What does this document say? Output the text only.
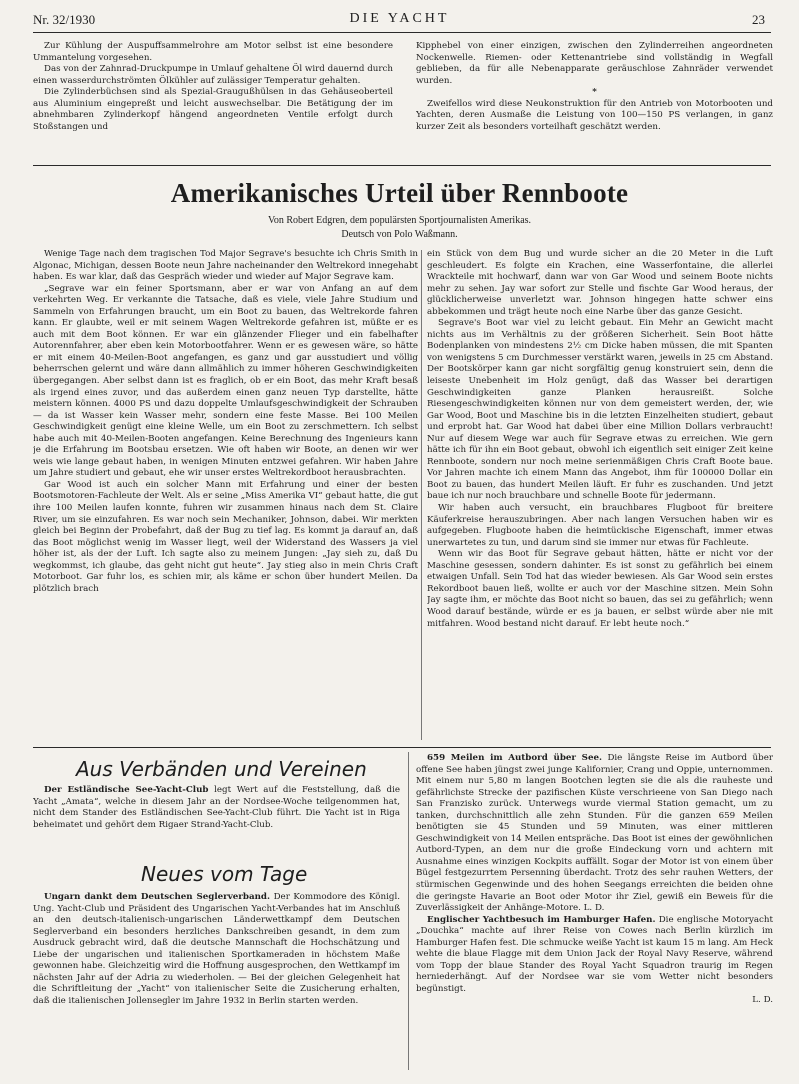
Nr. 32/1930	DIE YACHT	23

Zur Kühlung der Auspuffsammelrohre am Motor selbst ist eine besondere Ummantelung vorgesehen.

Das von der Zahnrad-Druckpumpe in Umlauf gehaltene Öl wird dauernd durch einen wasserdurchströmten Ölkühler auf zulässiger Temperatur gehalten.

Die Zylinderbüchsen sind als Spezial-Graugußhülsen in das Gehäuseoberteil aus Aluminium eingepreßt und leicht auswechselbar. Die Betätigung der im abnehmbaren Zylinderkopf hängend angeordneten Ventile erfolgt durch Stoßstangen und

Kipphebel von einer einzigen, zwischen den Zylinderreihen angeordneten Nockenwelle. Riemen- oder Kettenantriebe sind vollständig in Wegfall geblieben, da für alle Nebenapparate geräuschlose Zahnräder verwendet wurden.

*

Zweifellos wird diese Neukonstruktion für den Antrieb von Motorbooten und Yachten, deren Ausmaße die Leistung von 100—150 PS verlangen, in ganz kurzer Zeit als besonders vorteilhaft geschätzt werden.

Amerikanisches Urteil über Rennboote
Von Robert Edgren, dem populärsten Sportjournalisten Amerikas.
Deutsch von Polo Waßmann.

Wenige Tage nach dem tragischen Tod Major Segrave's besuchte ich Chris Smith in Algonac, Michigan, dessen Boote neun Jahre nacheinander den Weltrekord innegehabt haben. Es war klar, daß das Gespräch wieder und wieder auf Major Segrave kam.

„Segrave war ein feiner Sportsmann, aber er war von Anfang an auf dem verkehrten Weg. Er verkannte die Tatsache, daß es viele, viele Jahre Studium und Sammeln von Erfahrungen braucht, um ein Boot zu bauen, das Weltrekorde fahren kann. Er glaubte, weil er mit seinem Wagen Weltrekorde gefahren ist, müßte er es auch mit dem Boot können. Er war ein glänzender Flieger und ein fabelhafter Autorennfahrer, aber eben kein Motorbootfahrer. Wenn er es gewesen wäre, so hätte er mit einem 40-Meilen-Boot angefangen, es ganz und gar ausstudiert und völlig beherrschen gelernt und wäre dann allmählich zu immer höheren Geschwindigkeiten übergegangen. Aber selbst dann ist es fraglich, ob er ein Boot, das mehr Kraft besaß als irgend eines zuvor, und das außerdem einen ganz neuen Typ darstellte, hätte meistern können. 4000 PS und dazu doppelte Umlaufsgeschwindigkeit der Schrauben — da ist Wasser kein Wasser mehr, sondern eine feste Masse. Bei 100 Meilen Geschwindigkeit genügt eine kleine Welle, um ein Boot zu zerschmettern. Ich selbst habe auch mit 40-Meilen-Booten angefangen. Keine Berechnung des Ingenieurs kann je die Erfahrung im Bootsbau ersetzen. Wie oft haben wir Boote, an denen wir wer weis wie lange gebaut haben, in wenigen Minuten entzwei gefahren. Wir haben Jahre um Jahre studiert und gebaut, ehe wir unser erstes Weltrekordboot herausbrachten.

Gar Wood ist auch ein solcher Mann mit Erfahrung und einer der besten Bootsmotoren-Fachleute der Welt. Als er seine „Miss Amerika VI“ gebaut hatte, die gut ihre 100 Meilen laufen konnte, fuhren wir zusammen hinaus nach dem St. Claire River, um sie einzufahren. Es war noch sein Mechaniker, Johnson, dabei. Wir merkten gleich bei Beginn der Probefahrt, daß der Bug zu tief lag. Es kommt ja darauf an, daß das Boot möglichst wenig im Wasser liegt, weil der Widerstand des Wassers ja viel höher ist, als der der Luft. Ich sagte also zu meinem Jungen: „Jay sieh zu, daß Du wegkommst, ich glaube, das geht nicht gut heute“. Jay stieg also in mein Chris Craft Motorboot. Gar fuhr los, es schien mir, als käme er schon über hundert Meilen. Da plötzlich brach

ein Stück von dem Bug und wurde sicher an die 20 Meter in die Luft geschleudert. Es folgte ein Krachen, eine Wasserfontaine, die allerlei Wrackteile mit hochwarf, dann war von Gar Wood und seinem Boote nichts mehr zu sehen. Jay war sofort zur Stelle und fischte Gar Wood heraus, der glücklicherweise unverletzt war. Johnson hingegen hatte schwer eins abbekommen und trägt heute noch eine Narbe über das ganze Gesicht.

Segrave's Boot war viel zu leicht gebaut. Ein Mehr an Gewicht macht nichts aus im Verhältnis zu der größeren Sicherheit. Sein Boot hätte Bodenplanken von mindestens 2½ cm Dicke haben müssen, die mit Spanten von wenigstens 5 cm Durchmesser verstärkt waren, jeweils in 25 cm Abstand. Der Bootskörper kann gar nicht sorgfältig genug konstruiert sein, denn die leiseste Unebenheit im Holz genügt, daß das Wasser bei derartigen Geschwindigkeiten ganze Planken herausreißt. Solche Riesengeschwindigkeiten können nur von dem gemeistert werden, der, wie Gar Wood, Boot und Maschine bis in die letzten Einzelheiten studiert, gebaut und erprobt hat. Gar Wood hat dabei über eine Million Dollars verbraucht! Nur auf diesem Wege war auch für Segrave etwas zu erreichen. Wie gern hätte ich für ihn ein Boot gebaut, obwohl ich eigentlich seit einiger Zeit keine Rennboote, sondern nur noch meine serienmäßigen Chris Craft Boote baue. Vor Jahren machte ich einem Mann das Angebot, ihm für 100000 Dollar ein Boot zu bauen, das hundert Meilen läuft. Er fuhr es zuschanden. Und jetzt baue ich nur noch brauchbare und schnelle Boote für jedermann.

Wir haben auch versucht, ein brauchbares Flugboot für breitere Käuferkreise herauszubringen. Aber nach langen Versuchen haben wir es aufgegeben. Flugboote haben die heimtückische Eigenschaft, immer etwas unerwartetes zu tun, und darum sind sie immer nur etwas für Fachleute.

Wenn wir das Boot für Segrave gebaut hätten, hätte er nicht vor der Maschine gesessen, sondern dahinter. Es ist sonst zu gefährlich bei einem etwaigen Unfall. Sein Tod hat das wieder bewiesen. Als Gar Wood sein erstes Rekordboot bauen ließ, wollte er auch vor der Maschine sitzen. Mein Sohn Jay sagte ihm, er möchte das Boot nicht so bauen, das sei zu gefährlich; wenn Wood darauf bestände, würde er es ja bauen, er selbst würde aber nie mit mitfahren. Wood bestand nicht darauf. Er lebt heute noch.“

Aus Verbänden und Vereinen

Der Estländische See-Yacht-Club legt Wert auf die Feststellung, daß die Yacht „Amata“, welche in diesem Jahr an der Nordsee-Woche teilgenommen hat, nicht dem Stander des Estländischen See-Yacht-Club führt. Die Yacht ist in Riga beheimatet und gehört dem Rigaer Strand-Yacht-Club.

Neues vom Tage

Ungarn dankt dem Deutschen Seglerverband. Der Kommodore des Königl. Ung. Yacht-Club und Präsident des Ungarischen Yacht-Verbandes hat im Anschluß an den deutsch-italienisch-ungarischen Länderwettkampf dem Deutschen Seglerverband ein besonders herzliches Dankschreiben gesandt, in dem zum Ausdruck gebracht wird, daß die deutsche Mannschaft die Hochschätzung und Liebe der ungarischen und italienischen Sportkameraden in höchstem Maße gewonnen habe. Gleichzeitig wird die Hoffnung ausgesprochen, den Wettkampf im nächsten Jahr auf der Adria zu wiederholen. — Bei der gleichen Gelegenheit hat die Schriftleitung der „Yacht“ von italienischer Seite die Zusicherung erhalten, daß die italienischen Jollensegler im Jahre 1932 in Berlin starten werden.

659 Meilen im Autbord über See. Die längste Reise im Autbord über offene See haben jüngst zwei junge Kalifornier, Crang und Oppie, unternommen. Mit einem nur 5,80 m langen Bootchen legten sie die als die rauheste und gefährlichste Strecke der pazifischen Küste verschrieene von San Diego nach San Franzisko zurück. Unterwegs wurde viermal Station gemacht, um zu tanken, durchschnittlich alle zehn Stunden. Für die ganzen 659 Meilen benötigten sie 45 Stunden und 59 Minuten, was einer mittleren Geschwindigkeit von 14 Meilen entspräche. Das Boot ist eines der gewöhnlichen Autbord-Typen, an dem nur die große Eindeckung vorn und achtern mit Ausnahme eines winzigen Kockpits auffällt. Sogar der Motor ist von einem über Bügel festgezurrtem Persenning überdacht. Trotz des sehr rauhen Wetters, der stürmischen Gegenwinde und des hohen Seegangs erreichten die beiden ohne die geringste Havarie an Boot oder Motor ihr Ziel, gewiß ein Beweis für die Zuverlässigkeit der Anhänge-Motore. L. D.

Englischer Yachtbesuch im Hamburger Hafen. Die englische Motoryacht „Douchka“ machte auf ihrer Reise von Cowes nach Berlin kürzlich im Hamburger Hafen fest. Die schmucke weiße Yacht ist kaum 15 m lang. Am Heck wehte die blaue Flagge mit dem Union Jack der Royal Navy Reserve, während vom Topp der blaue Stander des Royal Yacht Squadron traurig im Regen herniederhängt. Auf der Nordsee war sie vom Wetter nicht besonders begünstigt.

L. D.
